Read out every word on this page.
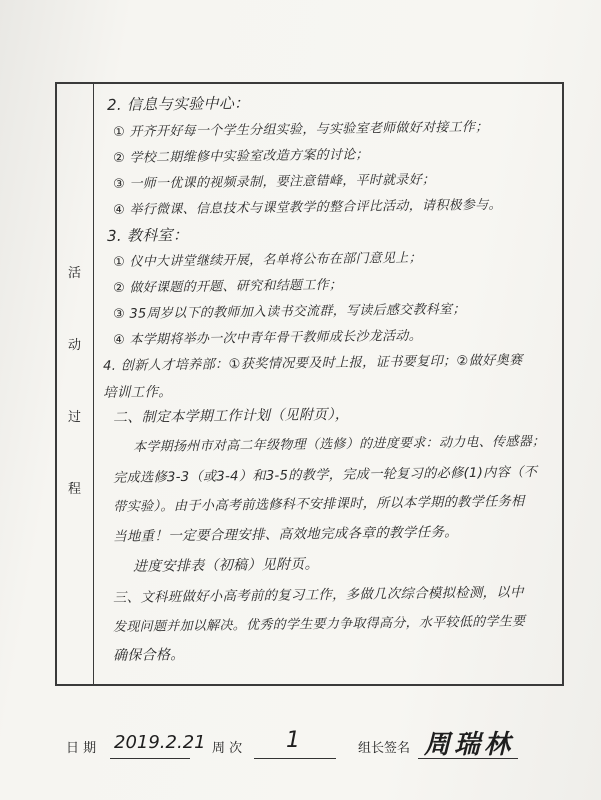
活
动
过
程
2. 信息与实验中心：
① 开齐开好每一个学生分组实验，与实验室老师做好对接工作；
② 学校二期维修中实验室改造方案的讨论；
③ 一师一优课的视频录制，要注意错峰，平时就录好；
④ 举行微课、信息技术与课堂教学的整合评比活动，请积极参与。
3. 教科室：
① 仪中大讲堂继续开展，名单将公布在部门意见上；
② 做好课题的开题、研究和结题工作；
③ 35周岁以下的教师加入读书交流群，写读后感交教科室；
④ 本学期将举办一次中青年骨干教师成长沙龙活动。
4. 创新人才培养部：①获奖情况要及时上报，证书要复印；②做好奥赛
培训工作。
二、制定本学期工作计划（见附页），
本学期扬州市对高二年级物理（选修）的进度要求：动力电、传感器；
完成选修3-3（或3-4）和3-5的教学，完成一轮复习的必修(1)内容（不
带实验）。由于小高考前选修科不安排课时，所以本学期的教学任务相
当地重！一定要合理安排、高效地完成各章的教学任务。
进度安排表（初稿）见附页。
三、文科班做好小高考前的复习工作，多做几次综合模拟检测，以中
发现问题并加以解决。优秀的学生要力争取得高分，水平较低的学生要
确保合格。
日 期 2019.2.21 周 次 1	组长签名 周瑞林
